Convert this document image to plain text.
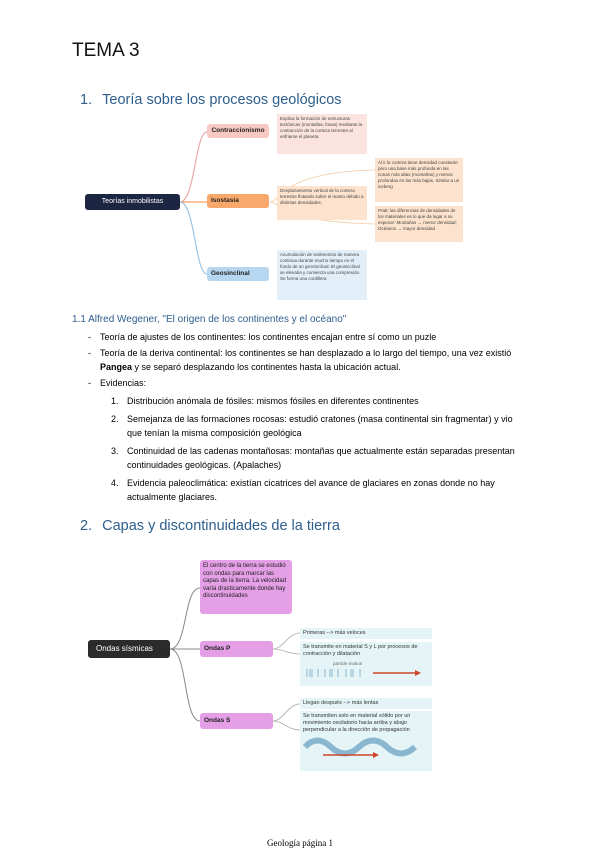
TEMA 3
1. Teoría sobre los procesos geológicos
Teorías inmobilistas
Contraccionismo
Explica la formación de estructuras tectónicas (montañas, fosas) mediante la contracción de la corteza terrestre al enfriarse el planeta.
Isostasia
Desplazamiento vertical de la corteza terrestre flotando sobre el manto debido a distintas densidades.
Al ir la corteza tiene densidad constante pero una base más profunda en las zonas más altas (montañas) y menos profundas en las más bajas. Similar a un iceberg
Pratt: las diferencias de densidades de los materiales es lo que da lugar a su espesor: Montañas → menor densidad; Océanos → mayor densidad
Geosinclinal
Acumulación de sedimentos de manera continua durante mucho tiempo en el fondo de un geosinclinal. El geosinclinal se elevaba y comienza una compresión. Se forma una cordillera
1.1 Alfred Wegener, "El origen de los continentes y el océano"
- Teoría de ajustes de los continentes: los continentes encajan entre sí como un puzle
- Teoría de la deriva continental: los continentes se han desplazado a lo largo del tiempo, una vez existió
Pangea y se separó desplazando los continentes hasta la ubicación actual.
- Evidencias:
1. Distribución anómala de fósiles: mismos fósiles en diferentes continentes
2. Semejanza de las formaciones rocosas: estudió cratones (masa continental sin fragmentar) y vio
que tenían la misma composición geológica
3. Continuidad de las cadenas montañosas: montañas que actualmente están separadas presentan
continuidades geológicas. (Apalaches)
4. Evidencia paleoclimática: existían cicatrices del avance de glaciares en zonas donde no hay
actualmente glaciares.
2. Capas y discontinuidades de la tierra
Ondas sísmicas
El centro de la tierra se estudió con ondas para marcar las capas de la tierra. La velocidad varía drasticamente donde hay discontinuidades
Ondas P
Primeras --> más veloces
Se transmite en material S y L por procesos de contracción y dilatación
particle motion
Ondas S
Llegan después --> más lentas
Se transmiten solo en material sólido por un movimiento oscilatorio hacia arriba y abajo perpendicular a la dirección de propagación
Geología página 1
